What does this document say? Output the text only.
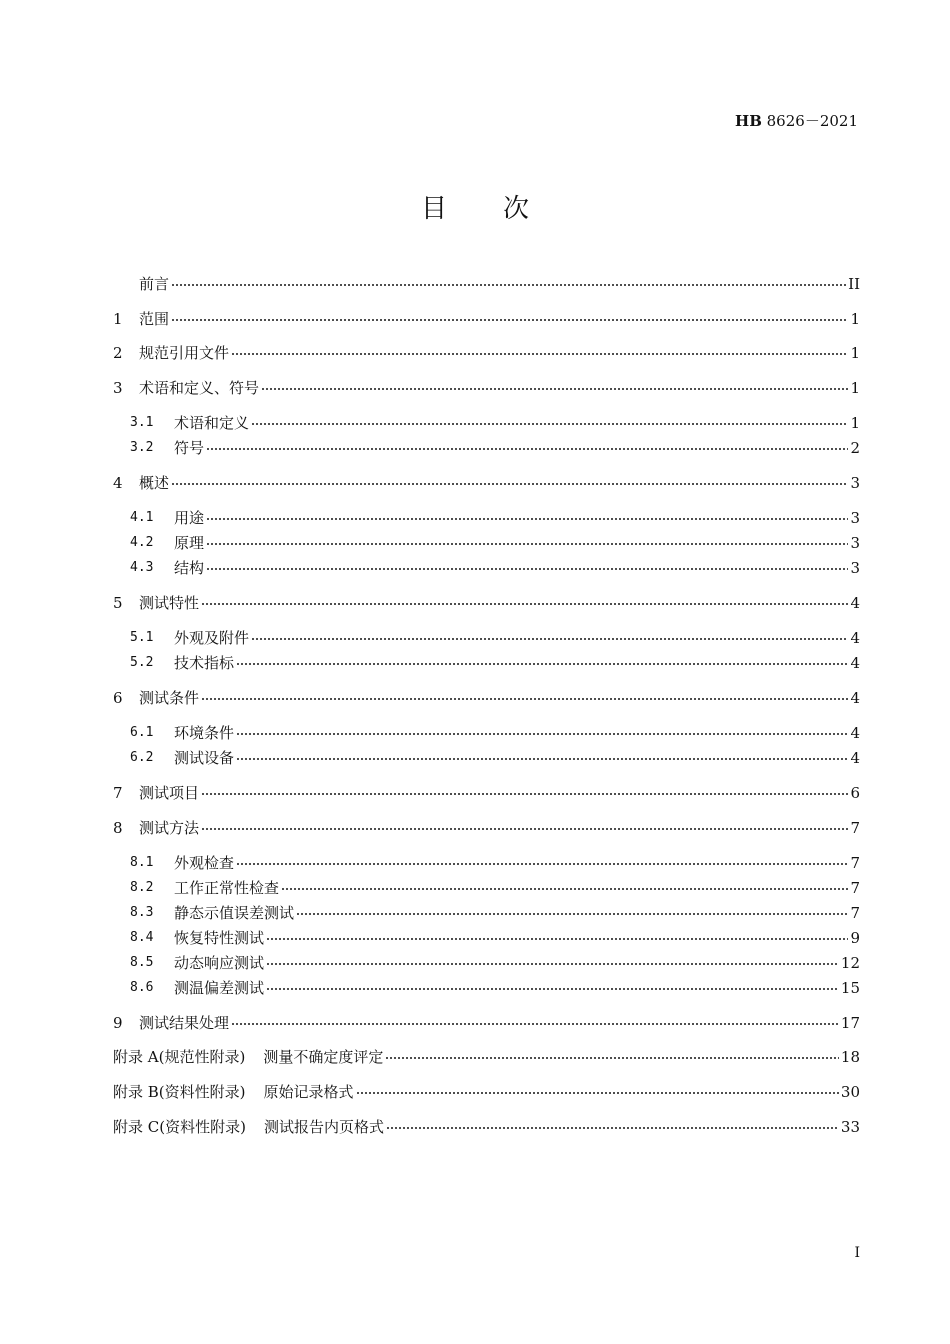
HB 8626－2021
目次
前言	II
1	范围	1
2	规范引用文件	1
3	术语和定义、符号	1
3.1	术语和定义	1
3.2	符号	2
4	概述	3
4.1	用途	3
4.2	原理	3
4.3	结构	3
5	测试特性	4
5.1	外观及附件	4
5.2	技术指标	4
6	测试条件	4
6.1	环境条件	4
6.2	测试设备	4
7	测试项目	6
8	测试方法	7
8.1	外观检查	7
8.2	工作正常性检查	7
8.3	静态示值误差测试	7
8.4	恢复特性测试	9
8.5	动态响应测试	12
8.6	测温偏差测试	15
9	测试结果处理	17
附录 A(规范性附录) 测量不确定度评定	18
附录 B(资料性附录) 原始记录格式	30
附录 C(资料性附录) 测试报告内页格式	33
I
